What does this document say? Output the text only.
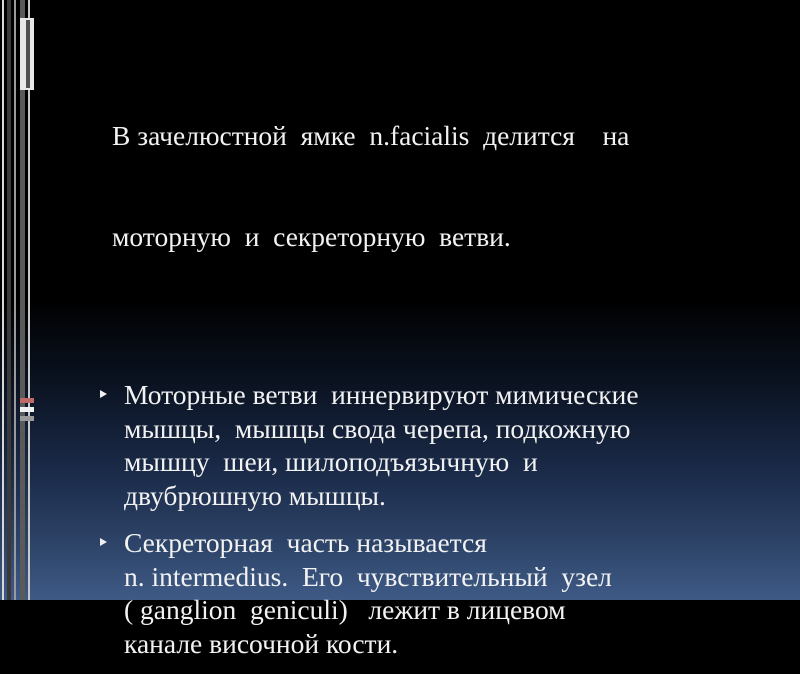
В зачелюстной  ямке  n.facialis  делится    на

моторную  и  секреторную  ветви.

Моторные ветви  иннервируют мимические
мышцы,  мышцы свода черепа, подкожную
мышцу  шеи, шилоподъязычную  и
двубрюшную мышцы.
Секреторная  часть называется
n. intermedius.  Его  чувствительный  узел
( ganglion  geniculi)   лежит в лицевом
канале височной кости.
